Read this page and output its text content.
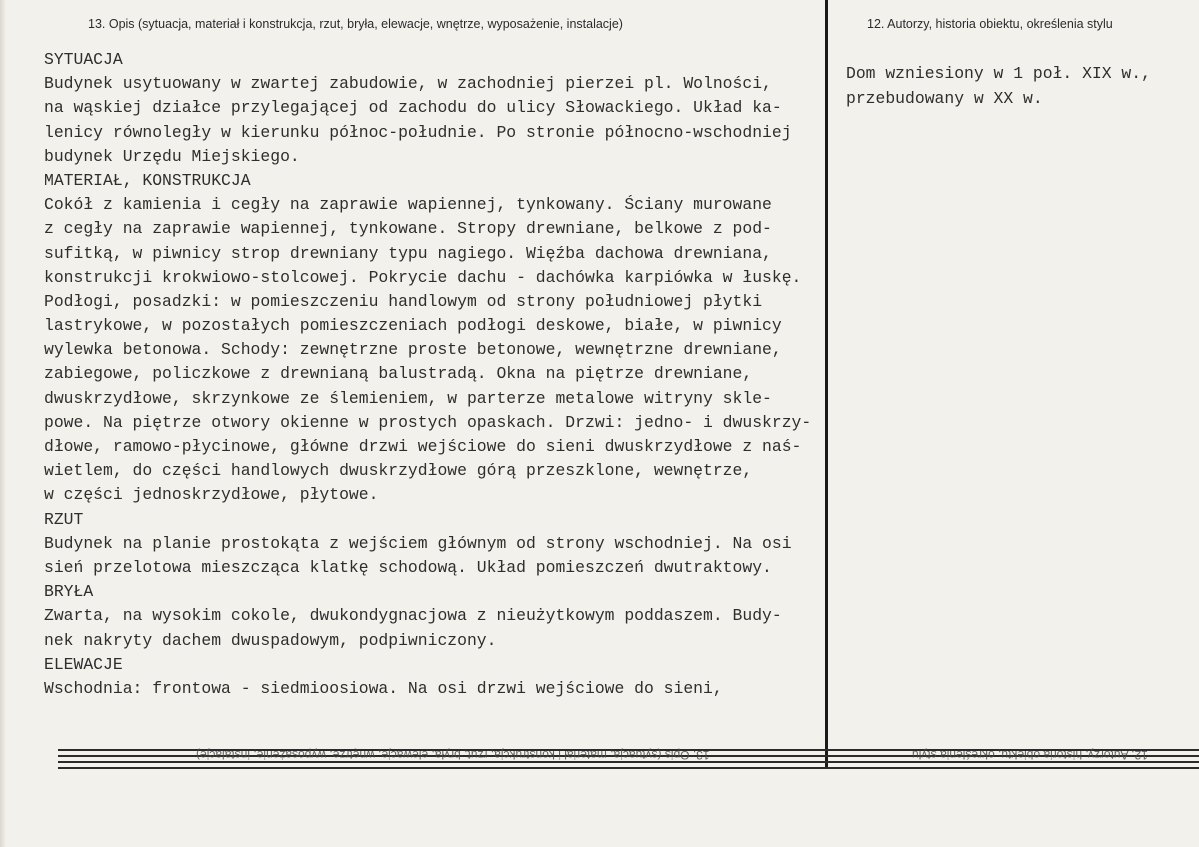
13. Opis (sytuacja, materiał i konstrukcja, rzut, bryła, elewacje, wnętrze, wyposażenie, instalacje)	12. Autorzy, historia obiektu, określenia stylu
SYTUACJA
Budynek usytuowany w zwartej zabudowie, w zachodniej pierzei pl. Wolności,
na wąskiej działce przylegającej od zachodu do ulicy Słowackiego. Układ ka-
lenicy równoległy w kierunku północ-południe. Po stronie północno-wschodniej
budynek Urzędu Miejskiego.
MATERIAŁ, KONSTRUKCJA
Cokół z kamienia i cegły na zaprawie wapiennej, tynkowany. Ściany murowane
z cegły na zaprawie wapiennej, tynkowane. Stropy drewniane, belkowe z pod-
sufitką, w piwnicy strop drewniany typu nagiego. Więźba dachowa drewniana,
konstrukcji krokwiowo-stolcowej. Pokrycie dachu - dachówka karpiówka w łuskę.
Podłogi, posadzki: w pomieszczeniu handlowym od strony południowej płytki
lastrykowe, w pozostałych pomieszczeniach podłogi deskowe, białe, w piwnicy
wylewka betonowa. Schody: zewnętrzne proste betonowe, wewnętrzne drewniane,
zabiegowe, policzkowe z drewnianą balustradą. Okna na piętrze drewniane,
dwuskrzydłowe, skrzynkowe ze ślemieniem, w parterze metalowe witryny skle-
powe. Na piętrze otwory okienne w prostych opaskach. Drzwi: jedno- i dwuskrzy-
dłowe, ramowo-płycinowe, główne drzwi wejściowe do sieni dwuskrzydłowe z naś-
wietlem, do części handlowych dwuskrzydłowe górą przeszklone, wewnętrze,
w części jednoskrzydłowe, płytowe.
RZUT
Budynek na planie prostokąta z wejściem głównym od strony wschodniej. Na osi
sień przelotowa mieszcząca klatkę schodową. Układ pomieszczeń dwutraktowy.
BRYŁA
Zwarta, na wysokim cokole, dwukondygnacjowa z nieużytkowym poddaszem. Budy-
nek nakryty dachem dwuspadowym, podpiwniczony.
ELEWACJE
Wschodnia: frontowa - siedmioosiowa. Na osi drzwi wejściowe do sieni,
Dom wzniesiony w 1 poł. XIX w.,
przebudowany w XX w.
13. Opis (sytuacja, materiał i konstrukcja, rzut, bryła, elewacje, wnętrze, wyposażenie, instalacje)	12. Autorzy, historia obiektu, określenia stylu
